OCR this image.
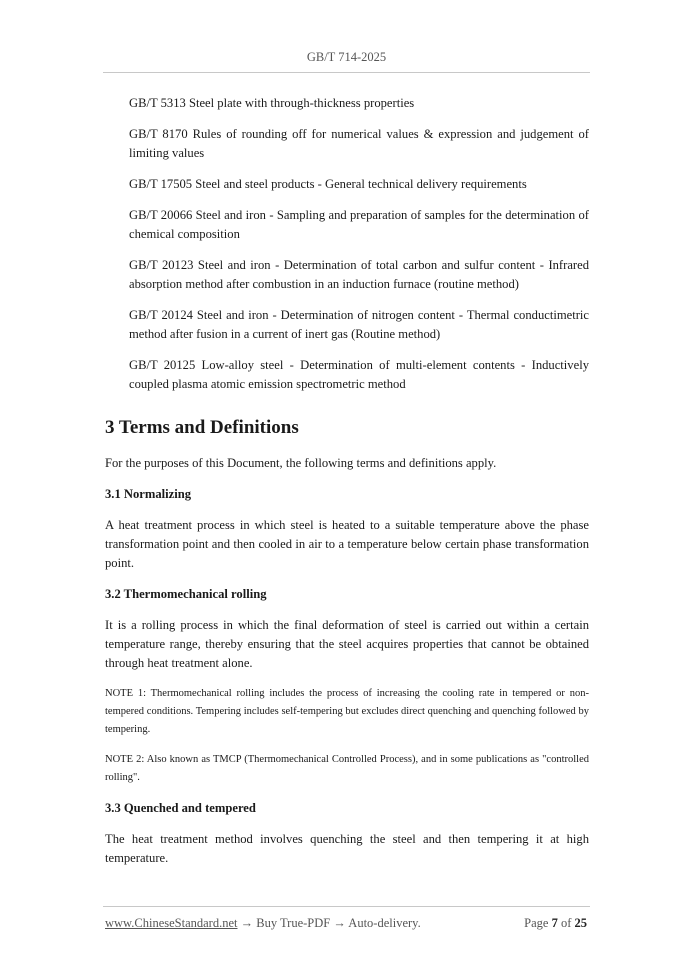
GB/T 714-2025

GB/T 5313 Steel plate with through-thickness properties

GB/T 8170 Rules of rounding off for numerical values & expression and judgement of limiting values

GB/T 17505 Steel and steel products - General technical delivery requirements

GB/T 20066 Steel and iron - Sampling and preparation of samples for the determination of chemical composition

GB/T 20123 Steel and iron - Determination of total carbon and sulfur content - Infrared absorption method after combustion in an induction furnace (routine method)

GB/T 20124 Steel and iron - Determination of nitrogen content - Thermal conductimetric method after fusion in a current of inert gas (Routine method)

GB/T 20125 Low-alloy steel - Determination of multi-element contents - Inductively coupled plasma atomic emission spectrometric method

3 Terms and Definitions

For the purposes of this Document, the following terms and definitions apply.

3.1 Normalizing

A heat treatment process in which steel is heated to a suitable temperature above the phase transformation point and then cooled in air to a temperature below certain phase transformation point.

3.2 Thermomechanical rolling

It is a rolling process in which the final deformation of steel is carried out within a certain temperature range, thereby ensuring that the steel acquires properties that cannot be obtained through heat treatment alone.

NOTE 1: Thermomechanical rolling includes the process of increasing the cooling rate in tempered or non-tempered conditions. Tempering includes self-tempering but excludes direct quenching and quenching followed by tempering.

NOTE 2: Also known as TMCP (Thermomechanical Controlled Process), and in some publications as "controlled rolling".

3.3 Quenched and tempered

The heat treatment method involves quenching the steel and then tempering it at high temperature.

www.ChineseStandard.net → Buy True-PDF → Auto-delivery.	Page 7 of 25
